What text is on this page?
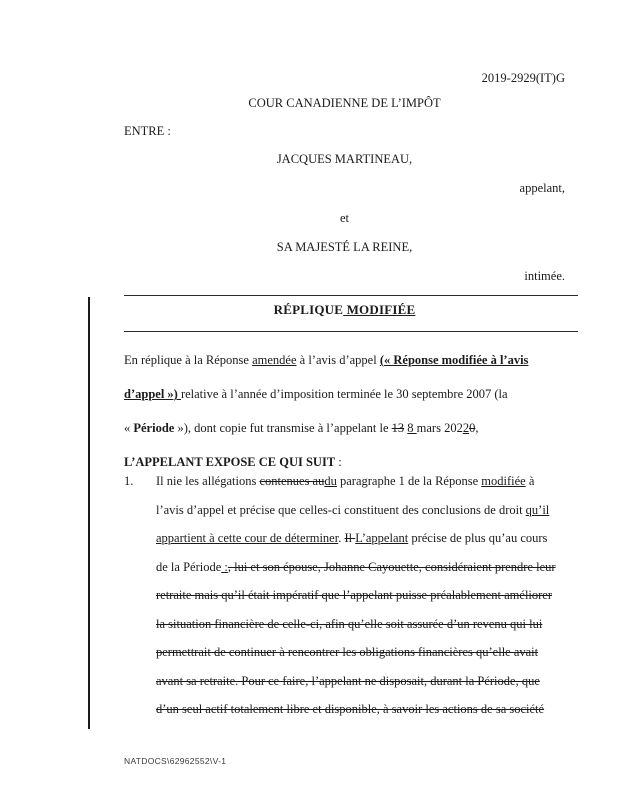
2019-2929(IT)G
COUR CANADIENNE DE L’IMPÔT
ENTRE :
JACQUES MARTINEAU,
appelant,
et
SA MAJESTÉ LA REINE,
intimée.
RÉPLIQUE MODIFIÉE
En réplique à la Réponse amendée à l’avis d’appel (« Réponse modifiée à l’avis
d’appel ») relative à l’année d’imposition terminée le 30 septembre 2007 (la
« Période »), dont copie fut transmise à l’appelant le 13 8 mars 20220,
L’APPELANT EXPOSE CE QUI SUIT :
1. Il nie les allégations contenues audu paragraphe 1 de la Réponse modifiée à
l’avis d’appel et précise que celles-ci constituent des conclusions de droit qu’il
appartient à cette cour de déterminer. Il L’appelant précise de plus qu’au cours
de la Période :, lui et son épouse, Johanne Cayouette, considéraient prendre leur
retraite mais qu’il était impératif que l’appelant puisse préalablement améliorer
la situation financière de celle-ci, afin qu’elle soit assurée d’un revenu qui lui
permettrait de continuer à rencontrer les obligations financières qu’elle avait
avant sa retraite. Pour ce faire, l’appelant ne disposait, durant la Période, que
d’un seul actif totalement libre et disponible, à savoir les actions de sa société
NATDOCS\62962552\V-1
